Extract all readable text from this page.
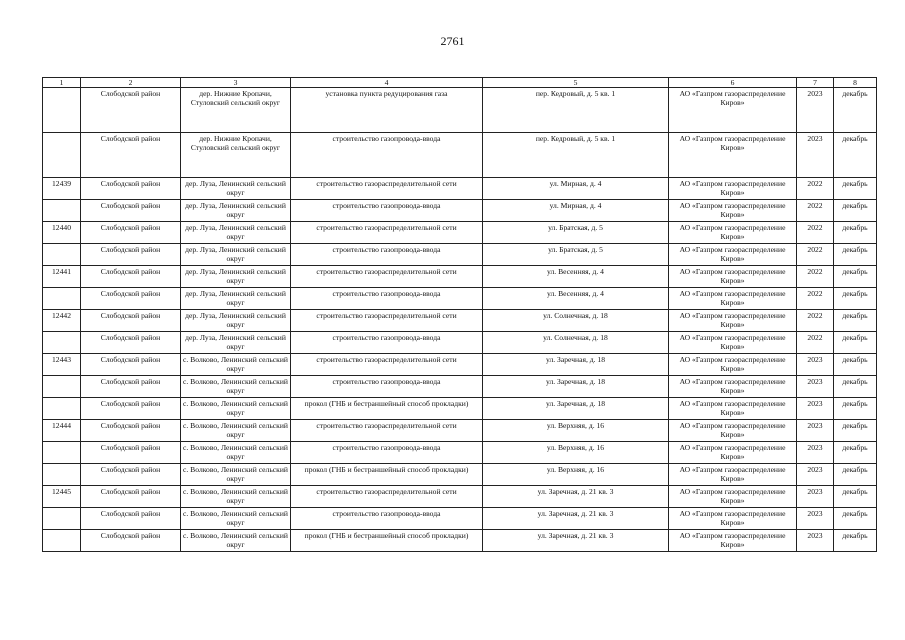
2761
1	2	3	4	5	6	7	8
	Слободской район	дер. Нижние Кропачи, Стуловский сельский округ	установка пункта редуцирования газа	пер. Кедровый, д. 5 кв. 1	АО «Газпром газораспределение Киров»	2023	декабрь
	Слободской район	дер. Нижние Кропачи, Стуловский сельский округ	строительство газопровода-ввода	пер. Кедровый, д. 5 кв. 1	АО «Газпром газораспределение Киров»	2023	декабрь
12439	Слободской район	дер. Луза, Ленинский сельский округ	строительство газораспределительной сети	ул. Мирная, д. 4	АО «Газпром газораспределение Киров»	2022	декабрь
	Слободской район	дер. Луза, Ленинский сельский округ	строительство газопровода-ввода	ул. Мирная, д. 4	АО «Газпром газораспределение Киров»	2022	декабрь
12440	Слободской район	дер. Луза, Ленинский сельский округ	строительство газораспределительной сети	ул. Братская, д. 5	АО «Газпром газораспределение Киров»	2022	декабрь
	Слободской район	дер. Луза, Ленинский сельский округ	строительство газопровода-ввода	ул. Братская, д. 5	АО «Газпром газораспределение Киров»	2022	декабрь
12441	Слободской район	дер. Луза, Ленинский сельский округ	строительство газораспределительной сети	ул. Весенняя, д. 4	АО «Газпром газораспределение Киров»	2022	декабрь
	Слободской район	дер. Луза, Ленинский сельский округ	строительство газопровода-ввода	ул. Весенняя, д. 4	АО «Газпром газораспределение Киров»	2022	декабрь
12442	Слободской район	дер. Луза, Ленинский сельский округ	строительство газораспределительной сети	ул. Солнечная, д. 18	АО «Газпром газораспределение Киров»	2022	декабрь
	Слободской район	дер. Луза, Ленинский сельский округ	строительство газопровода-ввода	ул. Солнечная, д. 18	АО «Газпром газораспределение Киров»	2022	декабрь
12443	Слободской район	с. Волково, Ленинский сельский округ	строительство газораспределительной сети	ул. Заречная, д. 18	АО «Газпром газораспределение Киров»	2023	декабрь
	Слободской район	с. Волково, Ленинский сельский округ	строительство газопровода-ввода	ул. Заречная, д. 18	АО «Газпром газораспределение Киров»	2023	декабрь
	Слободской район	с. Волково, Ленинский сельский округ	прокол (ГНБ и бестраншейный способ прокладки)	ул. Заречная, д. 18	АО «Газпром газораспределение Киров»	2023	декабрь
12444	Слободской район	с. Волково, Ленинский сельский округ	строительство газораспределительной сети	ул. Верхняя, д. 16	АО «Газпром газораспределение Киров»	2023	декабрь
	Слободской район	с. Волково, Ленинский сельский округ	строительство газопровода-ввода	ул. Верхняя, д. 16	АО «Газпром газораспределение Киров»	2023	декабрь
	Слободской район	с. Волково, Ленинский сельский округ	прокол (ГНБ и бестраншейный способ прокладки)	ул. Верхняя, д. 16	АО «Газпром газораспределение Киров»	2023	декабрь
12445	Слободской район	с. Волково, Ленинский сельский округ	строительство газораспределительной сети	ул. Заречная, д. 21 кв. 3	АО «Газпром газораспределение Киров»	2023	декабрь
	Слободской район	с. Волково, Ленинский сельский округ	строительство газопровода-ввода	ул. Заречная, д. 21 кв. 3	АО «Газпром газораспределение Киров»	2023	декабрь
	Слободской район	с. Волково, Ленинский сельский округ	прокол (ГНБ и бестраншейный способ прокладки)	ул. Заречная, д. 21 кв. 3	АО «Газпром газораспределение Киров»	2023	декабрь
